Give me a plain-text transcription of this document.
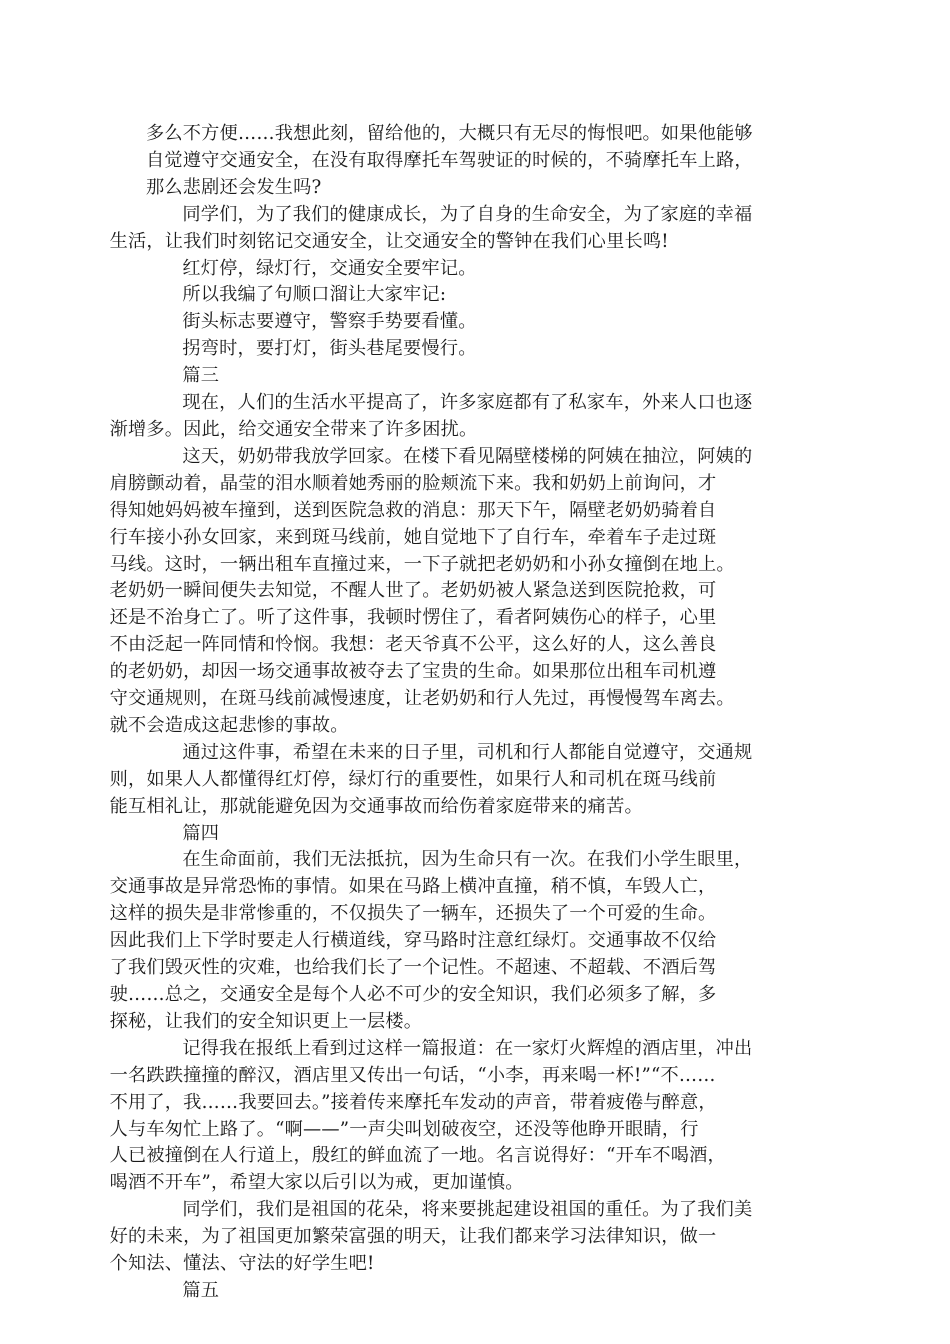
多么不方便……我想此刻，留给他的，大概只有无尽的悔恨吧。如果他能够
自觉遵守交通安全，在没有取得摩托车驾驶证的时候的，不骑摩托车上路，
那么悲剧还会发生吗?

同学们，为了我们的健康成长，为了自身的生命安全，为了家庭的幸福
生活，让我们时刻铭记交通安全，让交通安全的警钟在我们心里长鸣!

红灯停，绿灯行，交通安全要牢记。

所以我编了句顺口溜让大家牢记:

街头标志要遵守，警察手势要看懂。

拐弯时，要打灯，街头巷尾要慢行。

篇三

现在，人们的生活水平提高了，许多家庭都有了私家车，外来人口也逐
渐增多。因此，给交通安全带来了许多困扰。

这天，奶奶带我放学回家。在楼下看见隔壁楼梯的阿姨在抽泣，阿姨的
肩膀颤动着，晶莹的泪水顺着她秀丽的脸颊流下来。我和奶奶上前询问，才
得知她妈妈被车撞到，送到医院急救的消息：那天下午，隔壁老奶奶骑着自
行车接小孙女回家，来到斑马线前，她自觉地下了自行车，牵着车子走过斑
马线。这时，一辆出租车直撞过来，一下子就把老奶奶和小孙女撞倒在地上。
老奶奶一瞬间便失去知觉，不醒人世了。老奶奶被人紧急送到医院抢救，可
还是不治身亡了。听了这件事，我顿时愣住了，看者阿姨伤心的样子，心里
不由泛起一阵同情和怜悯。我想：老天爷真不公平，这么好的人，这么善良
的老奶奶，却因一场交通事故被夺去了宝贵的生命。如果那位出租车司机遵
守交通规则，在斑马线前减慢速度，让老奶奶和行人先过，再慢慢驾车离去。
就不会造成这起悲惨的事故。

通过这件事，希望在未来的日子里，司机和行人都能自觉遵守，交通规
则，如果人人都懂得红灯停，绿灯行的重要性，如果行人和司机在斑马线前
能互相礼让，那就能避免因为交通事故而给伤着家庭带来的痛苦。

篇四

在生命面前，我们无法抵抗，因为生命只有一次。在我们小学生眼里，
交通事故是异常恐怖的事情。如果在马路上横冲直撞，稍不慎，车毁人亡，
这样的损失是非常惨重的，不仅损失了一辆车，还损失了一个可爱的生命。
因此我们上下学时要走人行横道线，穿马路时注意红绿灯。交通事故不仅给
了我们毁灭性的灾难，也给我们长了一个记性。不超速、不超载、不酒后驾
驶……总之，交通安全是每个人必不可少的安全知识，我们必须多了解，多
探秘，让我们的安全知识更上一层楼。

记得我在报纸上看到过这样一篇报道：在一家灯火辉煌的酒店里，冲出
一名跌跌撞撞的醉汉，酒店里又传出一句话，“小李，再来喝一杯!”“不……
不用了，我……我要回去。”接着传来摩托车发动的声音，带着疲倦与醉意，
人与车匆忙上路了。“啊——”一声尖叫划破夜空，还没等他睁开眼睛，行
人已被撞倒在人行道上，殷红的鲜血流了一地。名言说得好：“开车不喝酒，
喝酒不开车”，希望大家以后引以为戒，更加谨慎。

同学们，我们是祖国的花朵，将来要挑起建设祖国的重任。为了我们美
好的未来，为了祖国更加繁荣富强的明天，让我们都来学习法律知识，做一
个知法、懂法、守法的好学生吧!

篇五
